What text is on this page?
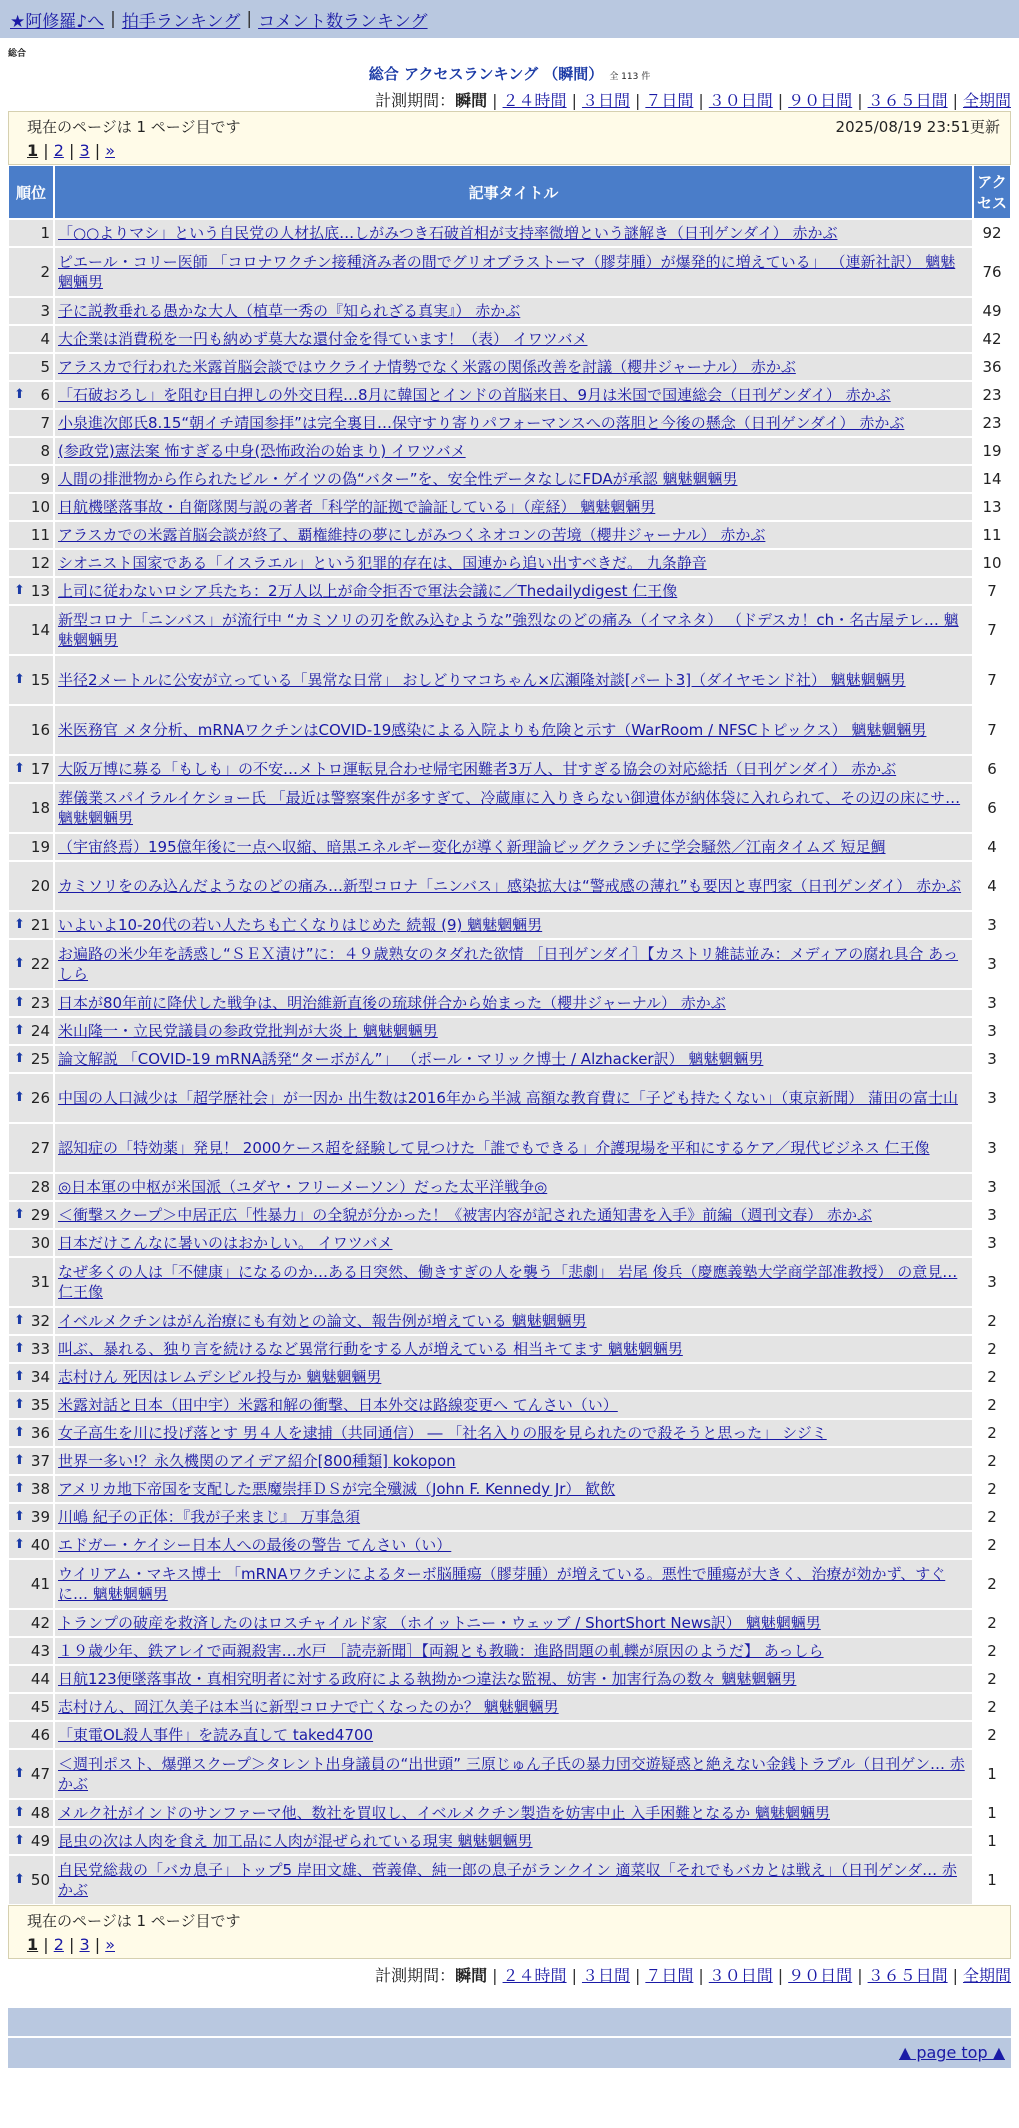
★阿修羅♪へ | 拍手ランキング | コメント数ランキング
総合
総合 アクセスランキング （瞬間） 全 113 件
計測期間：瞬間 | ２４時間 | ３日間 | ７日間 | ３０日間 | ９０日間 | ３６５日間 | 全期間
現在のページは 1 ページ目です	2025/08/19 23:51更新
1 | 2 | 3 | »
順位	記事タイトル	アクセス
1	「○○よりマシ」という自民党の人材払底…しがみつき石破首相が支持率微増という謎解き（日刊ゲンダイ） 赤かぶ	92
2	ピエール・コリー医師 「コロナワクチン接種済み者の間でグリオブラストーマ（膠芽腫）が爆発的に増えている」 （連新社訳） 魑魅魍魎男	76
3	子に説教垂れる愚かな大人（植草一秀の『知られざる真実』） 赤かぶ	49
4	大企業は消費税を一円も納めず莫大な還付金を得ています！（表） イワツバメ	42
5	アラスカで行われた米露首脳会談ではウクライナ情勢でなく米露の関係改善を討議（櫻井ジャーナル） 赤かぶ	36

⬆ 6	「石破おろし」を阻む目白押しの外交日程…8月に韓国とインドの首脳来日、9月は米国で国連総会（日刊ゲンダイ） 赤かぶ	23
7	小泉進次郎氏8.15“朝イチ靖国参拝”は完全裏目…保守すり寄りパフォーマンスへの落胆と今後の懸念（日刊ゲンダイ） 赤かぶ	23
8	(参政党)憲法案 怖すぎる中身(恐怖政治の始まり) イワツバメ	19
9	人間の排泄物から作られたビル・ゲイツの偽“バター”を、安全性データなしにFDAが承認 魑魅魍魎男	14
10	日航機墜落事故・自衛隊関与説の著者「科学的証拠で論証している」（産経） 魑魅魍魎男	13
11	アラスカでの米露首脳会談が終了、覇権維持の夢にしがみつくネオコンの苦境（櫻井ジャーナル） 赤かぶ	11
12	シオニスト国家である「イスラエル」という犯罪的存在は、国連から追い出すべきだ。 九条静音	10

⬆ 13	上司に従わないロシア兵たち：2万人以上が命令拒否で軍法会議に／Thedailydigest 仁王像	7
14	新型コロナ「ニンバス」が流行中 “カミソリの刃を飲み込むような”強烈なのどの痛み（イマネタ） （ドデスカ！ch・名古屋テレ… 魑魅魍魎男	7

⬆ 15	半径2メートルに公安が立っている「異常な日常」 おしどりマコちゃん×広瀬隆対談[パート3]（ダイヤモンド社） 魑魅魍魎男	7
16	米医務官 メタ分析、mRNAワクチンはCOVID-19感染による入院よりも危険と示す（WarRoom / NFSCトピックス） 魑魅魍魎男	7

⬆ 17	大阪万博に募る「もしも」の不安…メトロ運転見合わせ帰宅困難者3万人、甘すぎる協会の対応総括（日刊ゲンダイ） 赤かぶ	6
18	葬儀業スパイラルイケショー氏 「最近は警察案件が多すぎて、冷蔵庫に入りきらない御遺体が納体袋に入れられて、その辺の床にサ… 魑魅魍魎男	6
19	（宇宙終焉）195億年後に一点へ収縮、暗黒エネルギー変化が導く新理論ビッグクランチに学会騒然／江南タイムズ 短足鯛	4
20	カミソリをのみ込んだようなのどの痛み…新型コロナ「ニンバス」感染拡大は“警戒感の薄れ”も要因と専門家（日刊ゲンダイ） 赤かぶ	4

⬆ 21	いよいよ10-20代の若い人たちも亡くなりはじめた 続報 (9) 魑魅魍魎男	3

⬆ 22	お遍路の米少年を誘惑し“ＳＥＸ漬け”に：４９歳熟女のタダれた欲情 ［日刊ゲンダイ］【カストリ雑誌並み：メディアの腐れ具合 あっしら	3

⬆ 23	日本が80年前に降伏した戦争は、明治維新直後の琉球併合から始まった（櫻井ジャーナル） 赤かぶ	3

⬆ 24	米山隆一・立民党議員の参政党批判が大炎上 魑魅魍魎男	3

⬆ 25	論文解説 「COVID-19 mRNA誘発“ターボがん”」 （ポール・マリック博士 / Alzhacker訳） 魑魅魍魎男	3

⬆ 26	中国の人口減少は「超学歴社会」が一因か 出生数は2016年から半減 高額な教育費に「子ども持たくない」（東京新聞） 蒲田の富士山	3
27	認知症の「特効薬」発見！ 2000ケース超を経験して見つけた「誰でもできる」介護現場を平和にするケア／現代ビジネス 仁王像	3
28	◎日本軍の中枢が米国派（ユダヤ・フリーメーソン）だった太平洋戦争◎	3

⬆ 29	＜衝撃スクープ＞中居正広「性暴力」の全貌が分かった！《被害内容が記された通知書を入手》前編（週刊文春） 赤かぶ	3
30	日本だけこんなに暑いのはおかしい。 イワツバメ	3
31	なぜ多くの人は「不健康」になるのか…ある日突然、働きすぎの人を襲う「悲劇」 岩尾 俊兵（慶應義塾大学商学部准教授） の意見… 仁王像	3

⬆ 32	イベルメクチンはがん治療にも有効との論文、報告例が増えている 魑魅魍魎男	2

⬆ 33	叫ぶ、暴れる、独り言を続けるなど異常行動をする人が増えている 相当キてます 魑魅魍魎男	2

⬆ 34	志村けん 死因はレムデシビル投与か 魑魅魍魎男	2

⬆ 35	米露対話と日本（田中宇）米露和解の衝撃、日本外交は路線変更へ てんさい（い）	2

⬆ 36	女子高生を川に投げ落とす 男４人を逮捕（共同通信） ― 「社名入りの服を見られたので殺そうと思った」 シジミ	2

⬆ 37	世界一多い!？永久機関のアイデア紹介[800種類] kokopon	2

⬆ 38	アメリカ地下帝国を支配した悪魔崇拝ＤＳが完全殲滅（John F. Kennedy Jr） 歓飲	2

⬆ 39	川嶋 紀子の正体：『我が子来まじ』 万事急須	2

⬆ 40	エドガー・ケイシー日本人への最後の警告 てんさい（い）	2
41	ウイリアム・マキス博士 「mRNAワクチンによるターボ脳腫瘍（膠芽腫）が増えている。悪性で腫瘍が大きく、治療が効かず、すぐに… 魑魅魍魎男	2
42	トランプの破産を救済したのはロスチャイルド家 （ホイットニー・ウェッブ / ShortShort News訳） 魑魅魍魎男	2
43	１９歳少年、鉄アレイで両親殺害…水戸 ［読売新聞］【両親とも教職：進路問題の軋轢が原因のようだ】 あっしら	2
44	日航123便墜落事故・真相究明者に対する政府による執拗かつ違法な監視、妨害・加害行為の数々 魑魅魍魎男	2
45	志村けん、岡江久美子は本当に新型コロナで亡くなったのか？ 魑魅魍魎男	2
46	「東電OL殺人事件」を読み直して taked4700	2

⬆ 47	＜週刊ポスト、爆弾スクープ＞タレント出身議員の“出世頭” 三原じゅん子氏の暴力団交遊疑惑と絶えない金銭トラブル（日刊ゲン… 赤かぶ	1

⬆ 48	メルク社がインドのサンファーマ他、数社を買収し、イベルメクチン製造を妨害中止 入手困難となるか 魑魅魍魎男	1

⬆ 49	昆虫の次は人肉を食え 加工品に人肉が混ぜられている現実 魑魅魍魎男	1

⬆ 50	自民党総裁の「バカ息子」トップ5 岸田文雄、菅義偉、純一郎の息子がランクイン 適菜収「それでもバカとは戦え」（日刊ゲンダ… 赤かぶ	1
現在のページは 1 ページ目です
1 | 2 | 3 | »
計測期間：瞬間 | ２４時間 | ３日間 | ７日間 | ３０日間 | ９０日間 | ３６５日間 | 全期間
▲ page top ▲
